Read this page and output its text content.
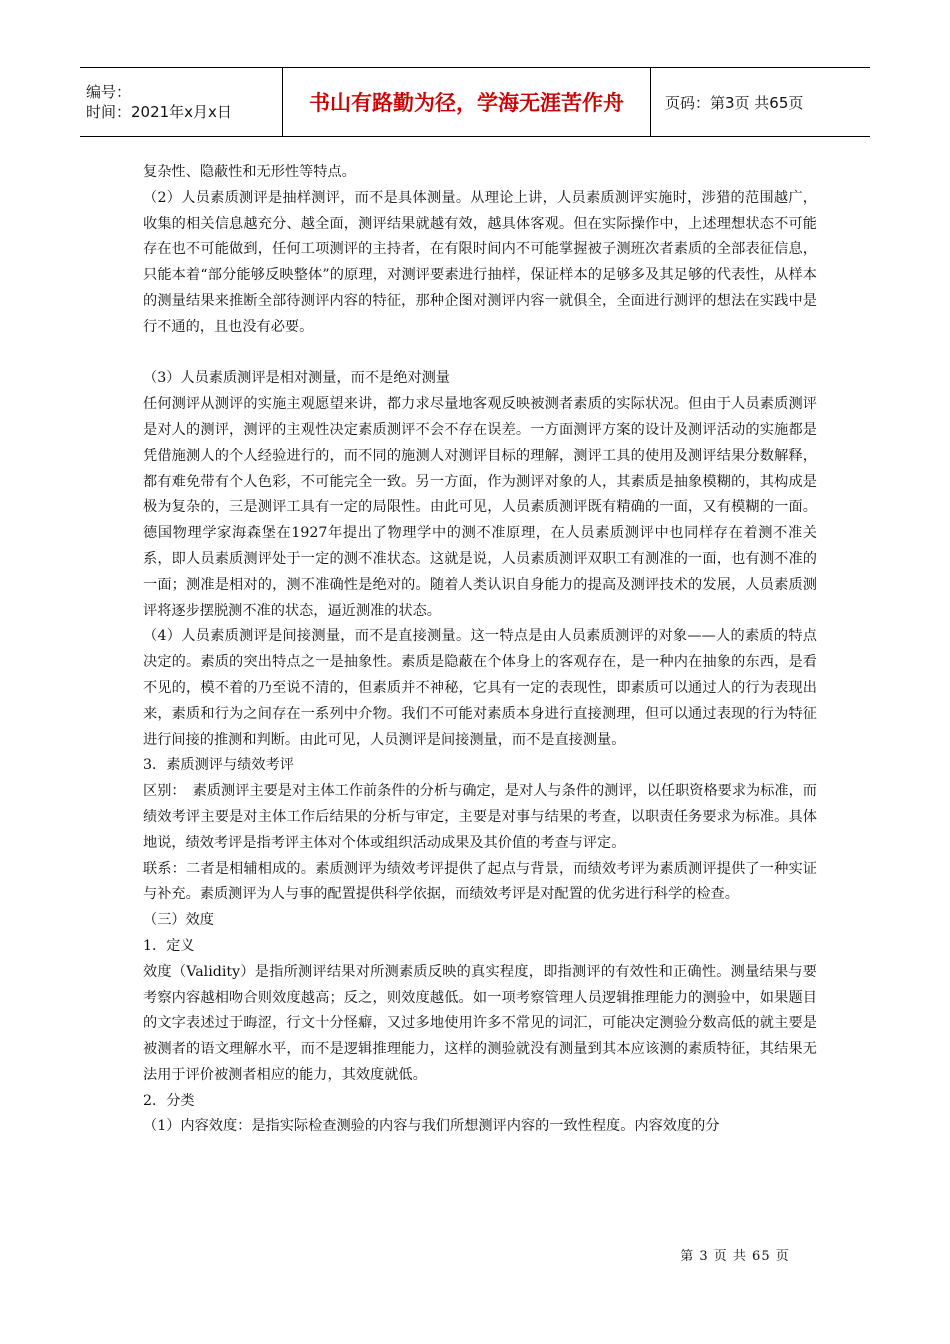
编号：
时间：2021年x月x日	书山有路勤为径，学海无涯苦作舟	页码：第3页 共65页

复杂性、隐蔽性和无形性等特点。

（2）人员素质测评是抽样测评，而不是具体测量。从理论上讲，人员素质测评实施时，涉猎的范围越广，收集的相关信息越充分、越全面，测评结果就越有效，越具体客观。但在实际操作中，上述理想状态不可能存在也不可能做到，任何工项测评的主持者，在有限时间内不可能掌握被子测班次者素质的全部表征信息，只能本着“部分能够反映整体”的原理，对测评要素进行抽样，保证样本的足够多及其足够的代表性，从样本的测量结果来推断全部待测评内容的特征，那种企图对测评内容一就俱全，全面进行测评的想法在实践中是行不通的，且也没有必要。

（3）人员素质测评是相对测量，而不是绝对测量

任何测评从测评的实施主观愿望来讲，都力求尽量地客观反映被测者素质的实际状况。但由于人员素质测评是对人的测评，测评的主观性决定素质测评不会不存在误差。一方面测评方案的设计及测评活动的实施都是凭借施测人的个人经验进行的，而不同的施测人对测评目标的理解，测评工具的使用及测评结果分数解释，都有难免带有个人色彩，不可能完全一致。另一方面，作为测评对象的人，其素质是抽象模糊的，其构成是极为复杂的，三是测评工具有一定的局限性。由此可见，人员素质测评既有精确的一面，又有模糊的一面。德国物理学家海森堡在1927年提出了物理学中的测不准原理，在人员素质测评中也同样存在着测不准关系，即人员素质测评处于一定的测不准状态。这就是说，人员素质测评双职工有测准的一面，也有测不准的一面；测准是相对的，测不准确性是绝对的。随着人类认识自身能力的提高及测评技术的发展，人员素质测评将逐步摆脱测不准的状态，逼近测准的状态。

（4）人员素质测评是间接测量，而不是直接测量。这一特点是由人员素质测评的对象——人的素质的特点决定的。素质的突出特点之一是抽象性。素质是隐蔽在个体身上的客观存在，是一种内在抽象的东西，是看不见的，模不着的乃至说不清的，但素质并不神秘，它具有一定的表现性，即素质可以通过人的行为表现出来，素质和行为之间存在一系列中介物。我们不可能对素质本身进行直接测理，但可以通过表现的行为特征进行间接的推测和判断。由此可见，人员测评是间接测量，而不是直接测量。

3．素质测评与绩效考评

区别：　素质测评主要是对主体工作前条件的分析与确定，是对人与条件的测评，以任职资格要求为标准，而绩效考评主要是对主体工作后结果的分析与审定，主要是对事与结果的考查，以职责任务要求为标准。具体地说，绩效考评是指考评主体对个体或组织活动成果及其价值的考查与评定。

联系：二者是相辅相成的。素质测评为绩效考评提供了起点与背景，而绩效考评为素质测评提供了一种实证与补充。素质测评为人与事的配置提供科学依据，而绩效考评是对配置的优劣进行科学的检查。

（三）效度

1．定义

效度（Validity）是指所测评结果对所测素质反映的真实程度，即指测评的有效性和正确性。测量结果与要考察内容越相吻合则效度越高；反之，则效度越低。如一项考察管理人员逻辑推理能力的测验中，如果题目的文字表述过于晦涩，行文十分怪癖，又过多地使用许多不常见的词汇，可能决定测验分数高低的就主要是被测者的语文理解水平，而不是逻辑推理能力，这样的测验就没有测量到其本应该测的素质特征，其结果无法用于评价被测者相应的能力，其效度就低。

2．分类

（1）内容效度：是指实际检查测验的内容与我们所想测评内容的一致性程度。内容效度的分

第 3 页 共 65 页
